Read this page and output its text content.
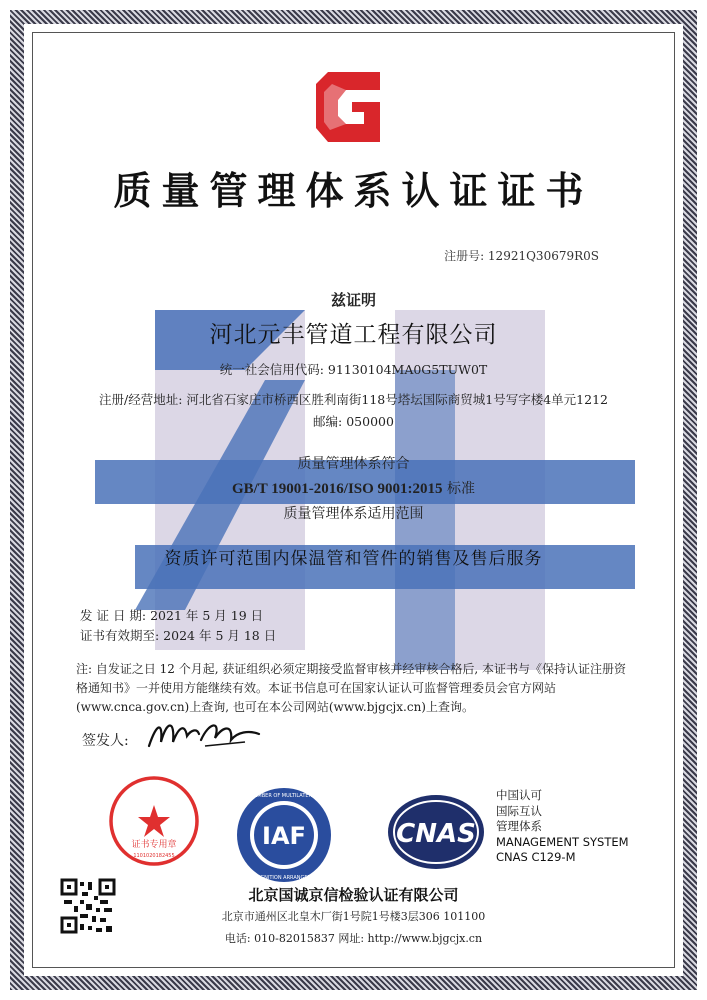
质量管理体系认证证书
注册号: 12921Q30679R0S
兹证明
河北元丰管道工程有限公司
统一社会信用代码: 91130104MA0G5TUW0T
注册/经营地址: 河北省石家庄市桥西区胜利南街118号塔坛国际商贸城1号写字楼4单元1212
邮编: 050000
质量管理体系符合
GB/T 19001-2016/ISO 9001:2015 标准
质量管理体系适用范围
资质许可范围内保温管和管件的销售及售后服务
发 证 日 期: 2021 年 5 月 19 日
证书有效期至: 2024 年 5 月 18 日
注: 自发证之日 12 个月起, 获证组织必须定期接受监督审核并经审核合格后, 本证书与《保持认证注册资格通知书》一并使用方能继续有效。本证书信息可在国家认证认可监督管理委员会官方网站(www.cnca.gov.cn)上查询, 也可在本公司网站(www.bjgcjx.cn)上查询。
签发人:
证书专用章
1101020182455
IAF
MEMBER OF MULTILATERAL
RECOGNITION ARRANGEMENT
CNAS
中国认可
国际互认
管理体系
MANAGEMENT SYSTEM
CNAS C129-M
北京国诚京信检验认证有限公司
北京市通州区北皇木厂街1号院1号楼3层306 101100
电话: 010-82015837 网址: http://www.bjgcjx.cn
